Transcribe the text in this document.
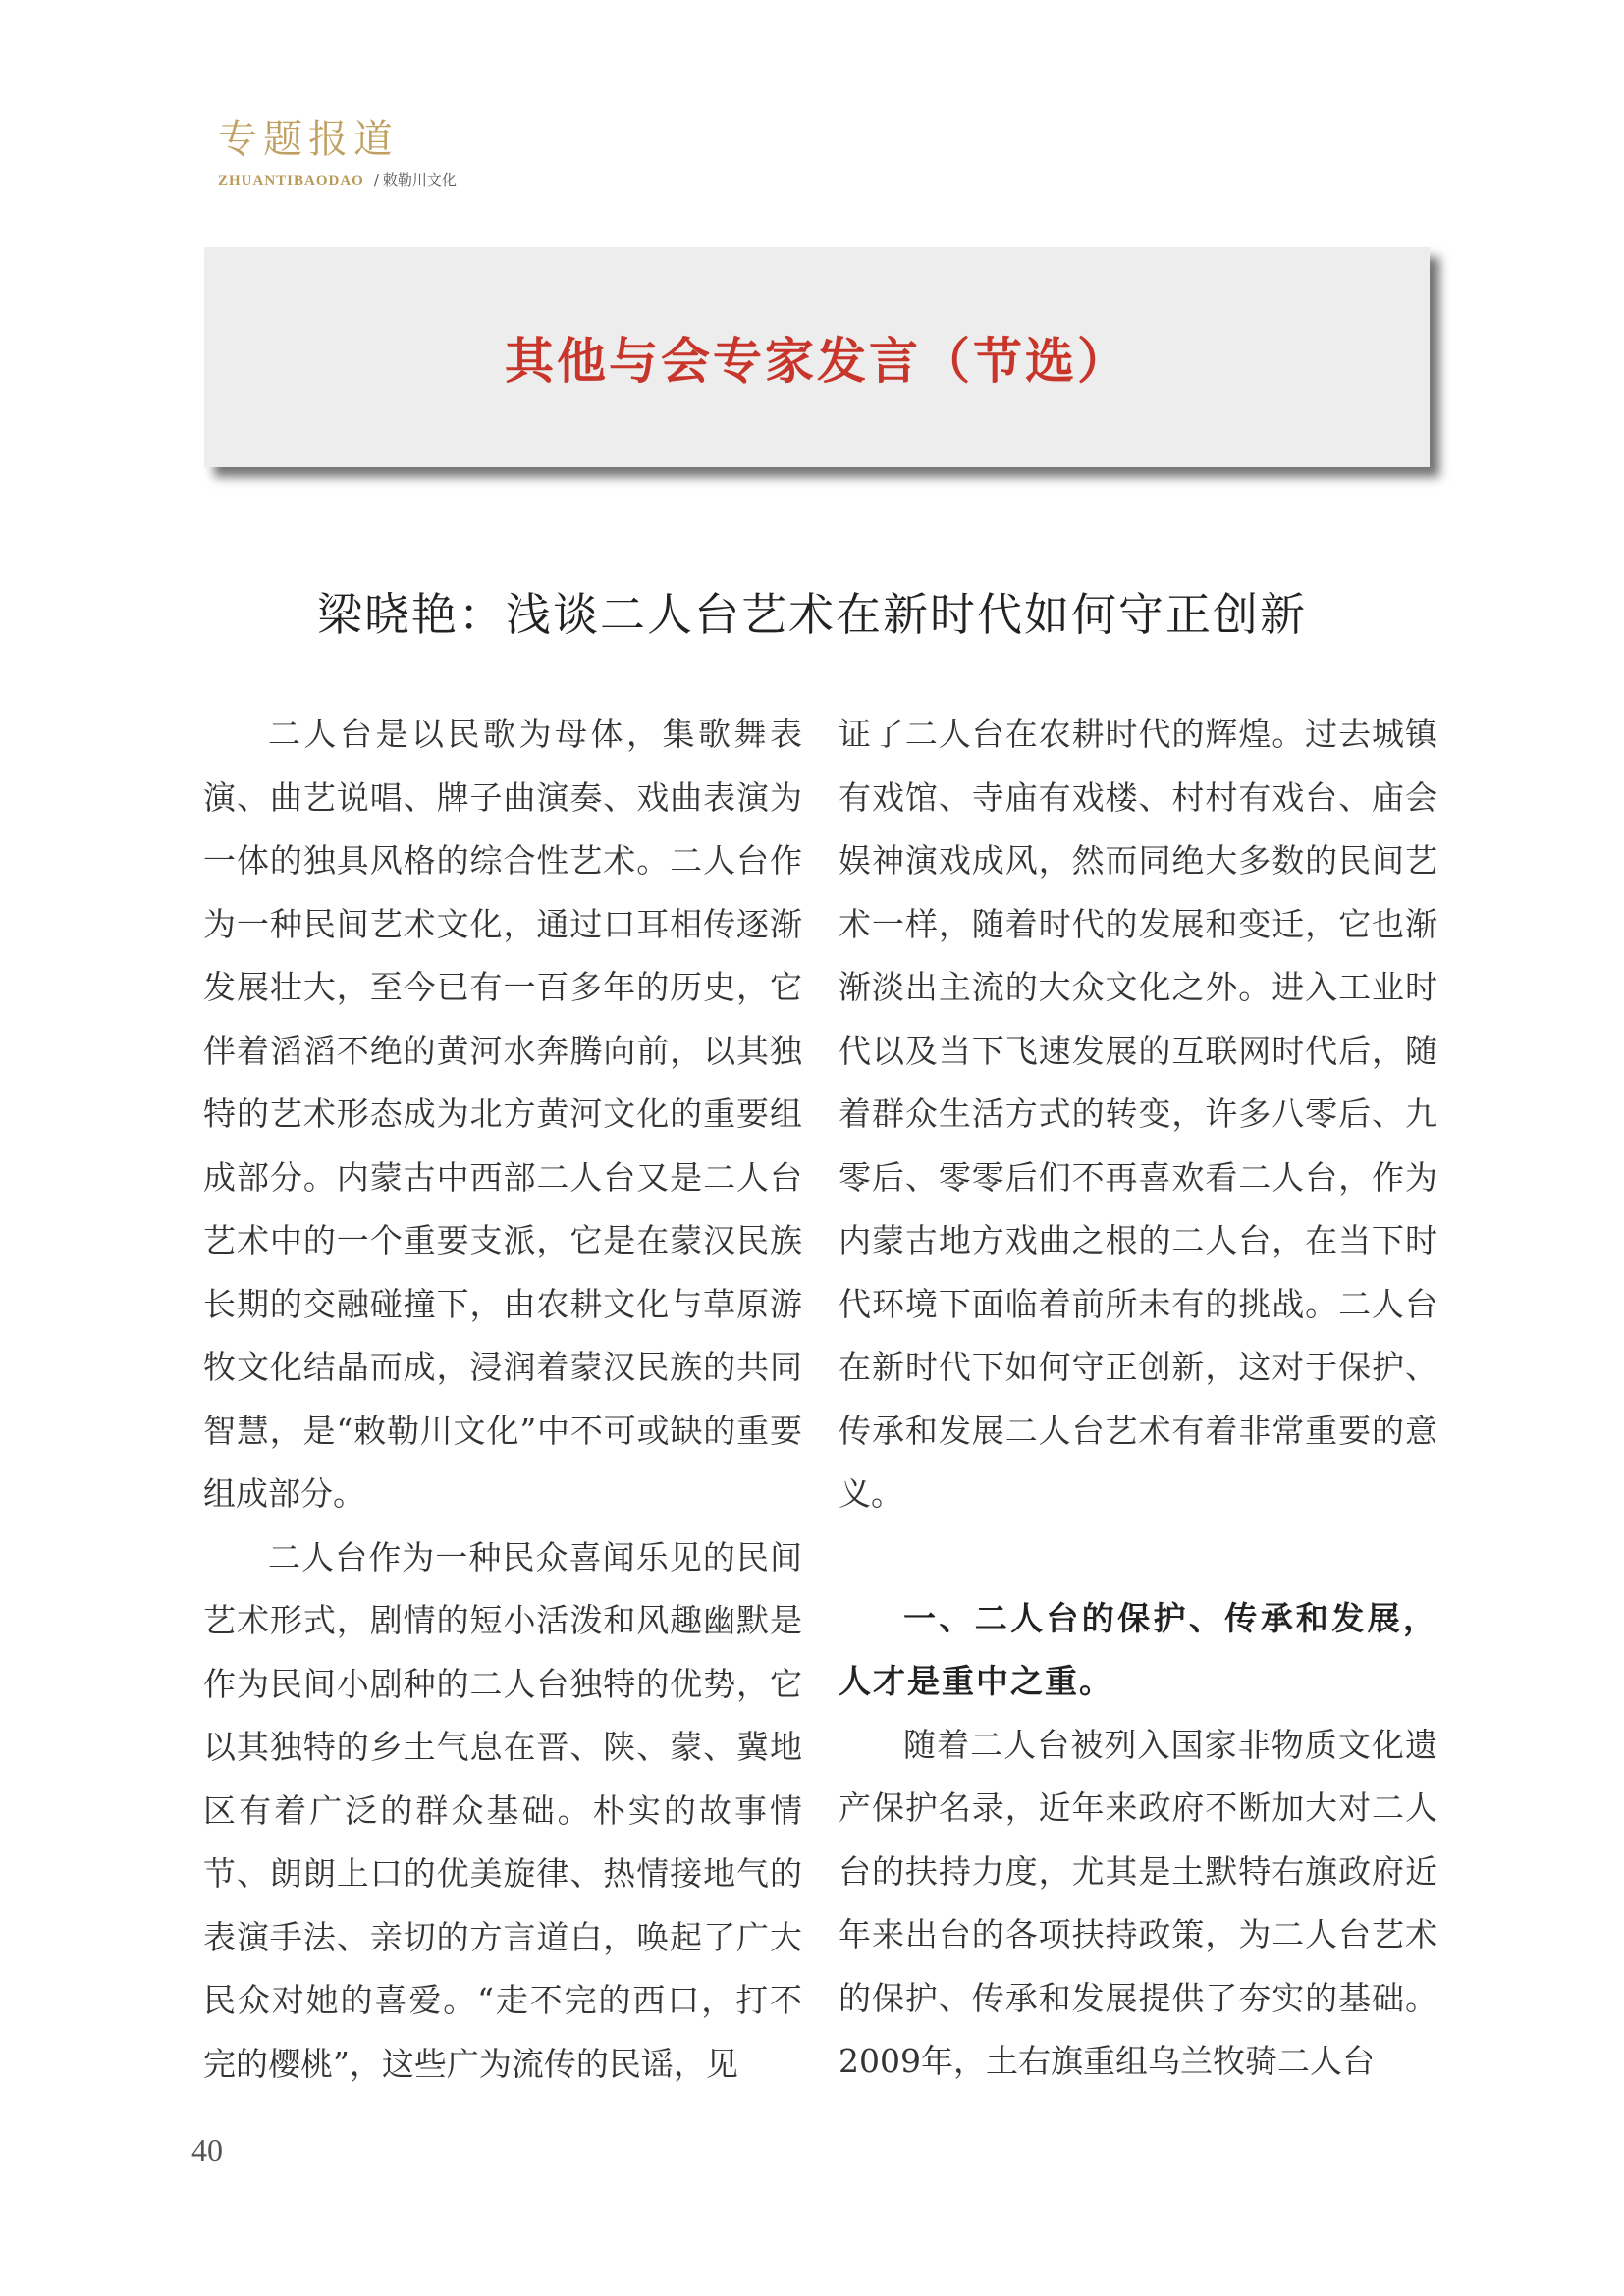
专题报道
ZHUANTIBAODAO / 敕勒川文化
其他与会专家发言（节选）
梁晓艳：浅谈二人台艺术在新时代如何守正创新

二人台是以民歌为母体，集歌舞表演、曲艺说唱、牌子曲演奏、戏曲表演为一体的独具风格的综合性艺术。二人台作为一种民间艺术文化，通过口耳相传逐渐发展壮大，至今已有一百多年的历史，它伴着滔滔不绝的黄河水奔腾向前，以其独特的艺术形态成为北方黄河文化的重要组成部分。内蒙古中西部二人台又是二人台艺术中的一个重要支派，它是在蒙汉民族长期的交融碰撞下，由农耕文化与草原游牧文化结晶而成，浸润着蒙汉民族的共同智慧，是“敕勒川文化”中不可或缺的重要组成部分。

二人台作为一种民众喜闻乐见的民间艺术形式，剧情的短小活泼和风趣幽默是作为民间小剧种的二人台独特的优势，它以其独特的乡土气息在晋、陕、蒙、冀地区有着广泛的群众基础。朴实的故事情节、朗朗上口的优美旋律、热情接地气的表演手法、亲切的方言道白，唤起了广大民众对她的喜爱。“走不完的西口，打不完的樱桃”，这些广为流传的民谣，见

证了二人台在农耕时代的辉煌。过去城镇有戏馆、寺庙有戏楼、村村有戏台、庙会娱神演戏成风，然而同绝大多数的民间艺术一样，随着时代的发展和变迁，它也渐渐淡出主流的大众文化之外。进入工业时代以及当下飞速发展的互联网时代后，随着群众生活方式的转变，许多八零后、九零后、零零后们不再喜欢看二人台，作为内蒙古地方戏曲之根的二人台，在当下时代环境下面临着前所未有的挑战。二人台在新时代下如何守正创新，这对于保护、传承和发展二人台艺术有着非常重要的意义。

一、二人台的保护、传承和发展，人才是重中之重。

随着二人台被列入国家非物质文化遗产保护名录，近年来政府不断加大对二人台的扶持力度，尤其是土默特右旗政府近年来出台的各项扶持政策，为二人台艺术的保护、传承和发展提供了夯实的基础。2009年，土右旗重组乌兰牧骑二人台

40
